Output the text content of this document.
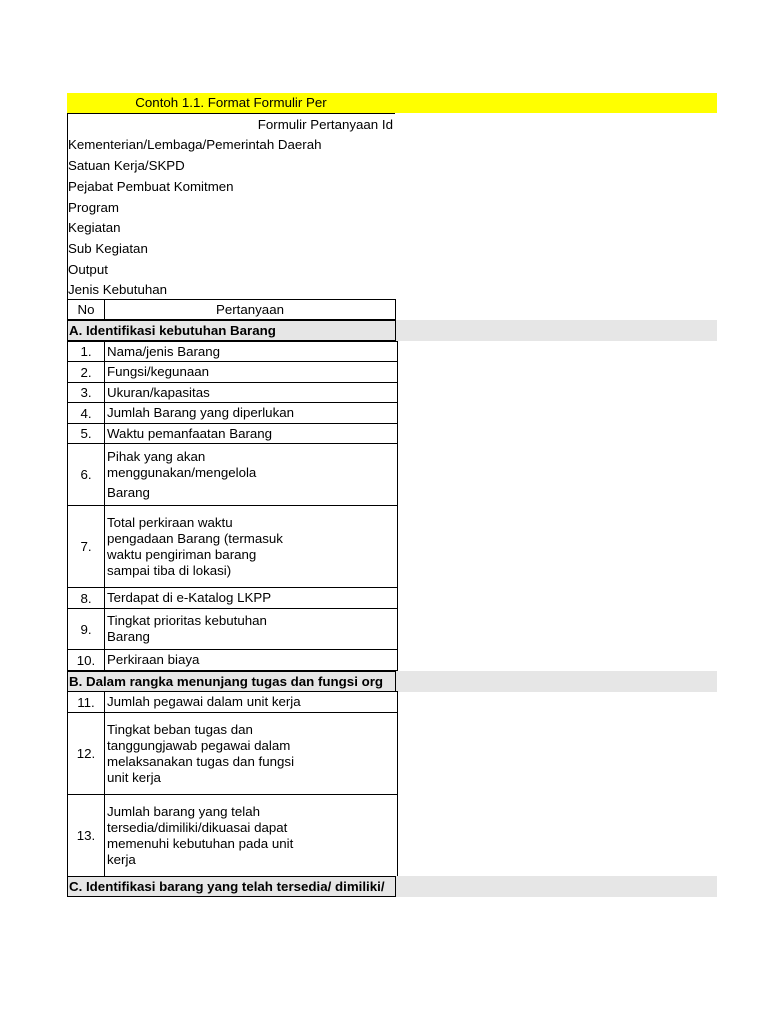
Contoh 1.1. Format Formulir Per
Formulir Pertanyaan Id
Kementerian/Lembaga/Pemerintah Daerah
Satuan Kerja/SKPD
Pejabat Pembuat Komitmen
Program
Kegiatan
Sub Kegiatan
Output
Jenis Kebutuhan
No	Pertanyaan
A. Identifikasi kebutuhan Barang
1.	Nama/jenis Barang

2.	Fungsi/kegunaan

3.	Ukuran/kapasitas

4.	Jumlah Barang yang diperlukan

5.	Waktu pemanfaatan Barang

6.	Pihak yang akan
menggunakan/mengelola
Barang

7.	Total perkiraan waktu
pengadaan Barang (termasuk
waktu pengiriman barang
sampai tiba di lokasi)

8.	Terdapat di e-Katalog LKPP

9.	Tingkat prioritas kebutuhan
Barang

10.	Perkiraan biaya
B. Dalam rangka menunjang tugas dan fungsi org
11.	Jumlah pegawai dalam unit kerja

12.	Tingkat beban tugas dan
tanggungjawab pegawai dalam
melaksanakan tugas dan fungsi
unit kerja

13.	Jumlah barang yang telah
tersedia/dimiliki/dikuasai dapat
memenuhi kebutuhan pada unit
kerja
C. Identifikasi barang yang telah tersedia/ dimiliki/
